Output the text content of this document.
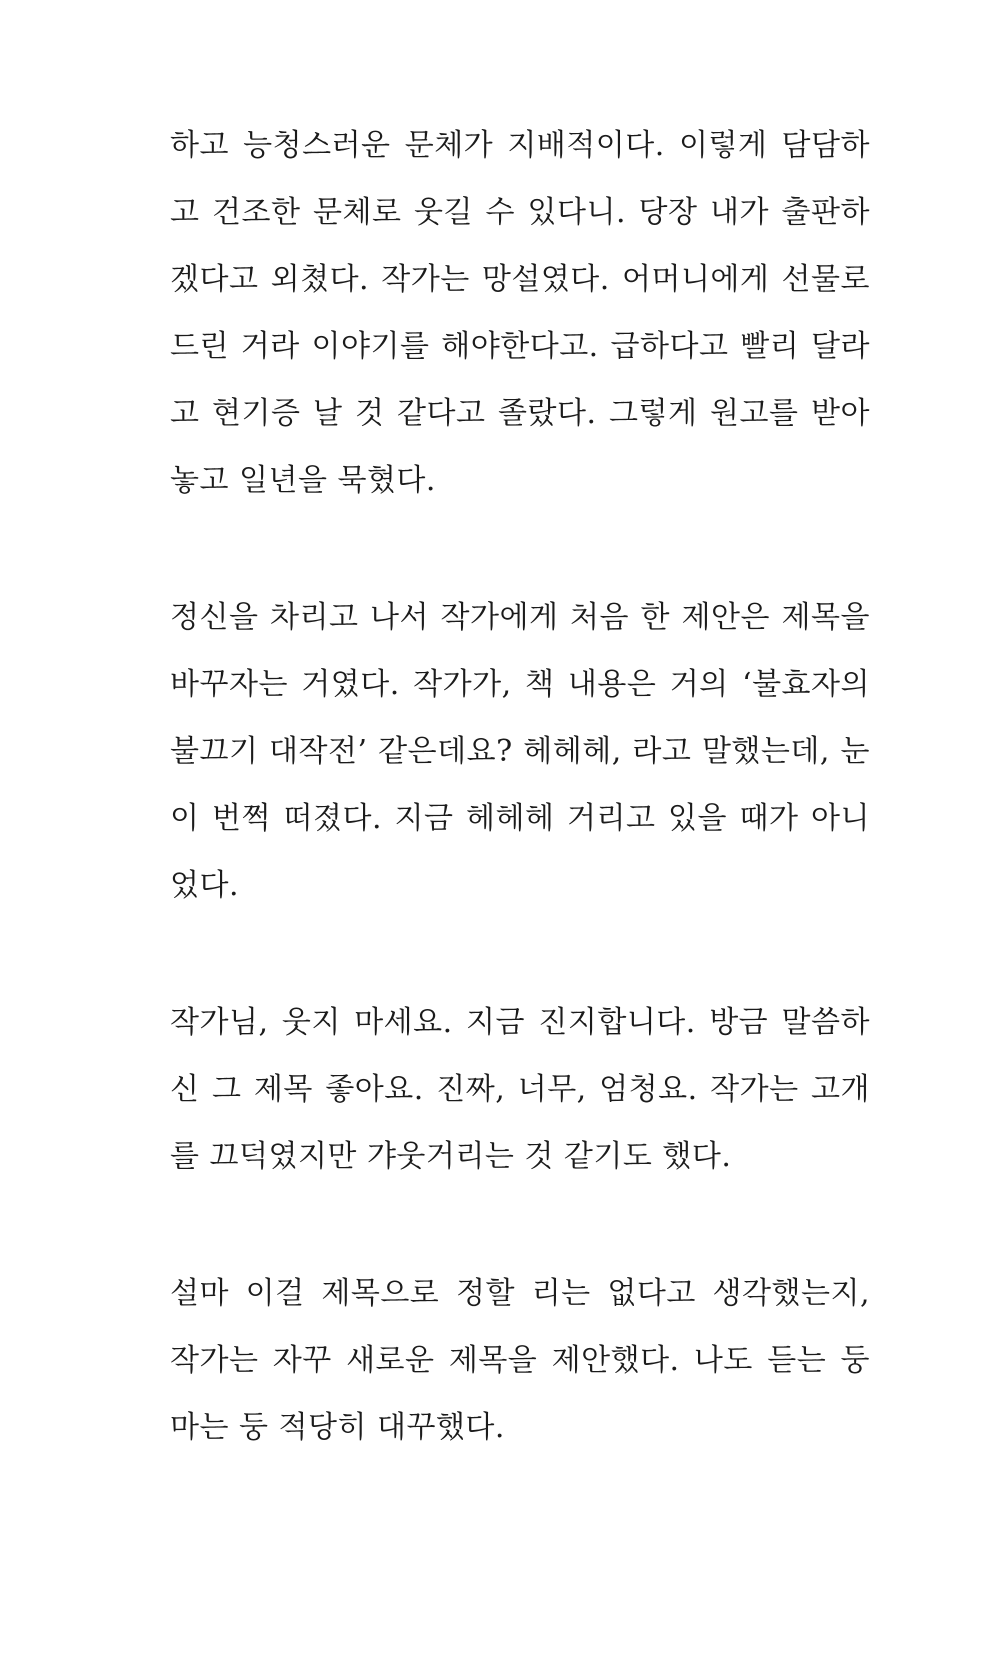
하고 능청스러운 문체가 지배적이다. 이렇게 담담하
고 건조한 문체로 웃길 수 있다니. 당장 내가 출판하
겠다고 외쳤다. 작가는 망설였다. 어머니에게 선물로
드린 거라 이야기를 해야한다고. 급하다고 빨리 달라
고 현기증 날 것 같다고 졸랐다. 그렇게 원고를 받아
놓고 일년을 묵혔다.
정신을 차리고 나서 작가에게 처음 한 제안은 제목을
바꾸자는 거였다. 작가가, 책 내용은 거의 ‘불효자의
불끄기 대작전’ 같은데요? 헤헤헤, 라고 말했는데, 눈
이 번쩍 떠졌다. 지금 헤헤헤 거리고 있을 때가 아니
었다.
작가님, 웃지 마세요. 지금 진지합니다. 방금 말씀하
신 그 제목 좋아요. 진짜, 너무, 엄청요. 작가는 고개
를 끄덕였지만 갸웃거리는 것 같기도 했다.
설마 이걸 제목으로 정할 리는 없다고 생각했는지,
작가는 자꾸 새로운 제목을 제안했다. 나도 듣는 둥
마는 둥 적당히 대꾸했다.
